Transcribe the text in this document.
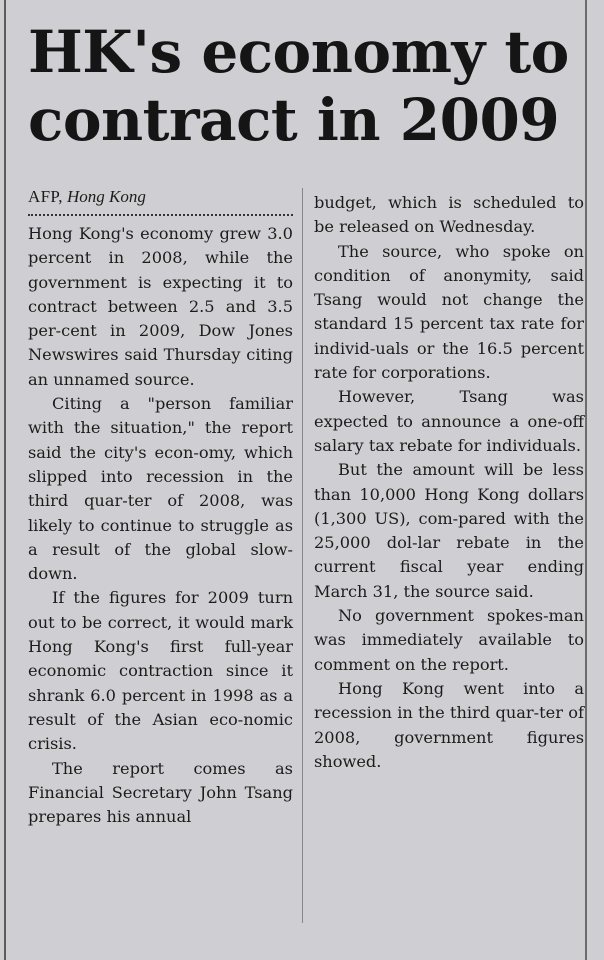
HK's economy to contract in 2009
AFP, Hong Kong

Hong Kong's economy grew 3.0 percent in 2008, while the government is expecting it to contract between 2.5 and 3.5 per-cent in 2009, Dow Jones Newswires said Thursday citing an unnamed source.

Citing a "person familiar with the situation," the report said the city's econ-omy, which slipped into recession in the third quar-ter of 2008, was likely to continue to struggle as a result of the global slow-down.

If the figures for 2009 turn out to be correct, it would mark Hong Kong's first full-year economic contraction since it shrank 6.0 percent in 1998 as a result of the Asian eco-nomic crisis.

The report comes as Financial Secretary John Tsang prepares his annual

budget, which is scheduled to be released on Wednesday.

The source, who spoke on condition of anonymity, said Tsang would not change the standard 15 percent tax rate for individ-uals or the 16.5 percent rate for corporations.

However, Tsang was expected to announce a one-off salary tax rebate for individuals.

But the amount will be less than 10,000 Hong Kong dollars (1,300 US), com-pared with the 25,000 dol-lar rebate in the current fiscal year ending March 31, the source said.

No government spokes-man was immediately available to comment on the report.

Hong Kong went into a recession in the third quar-ter of 2008, government figures showed.
